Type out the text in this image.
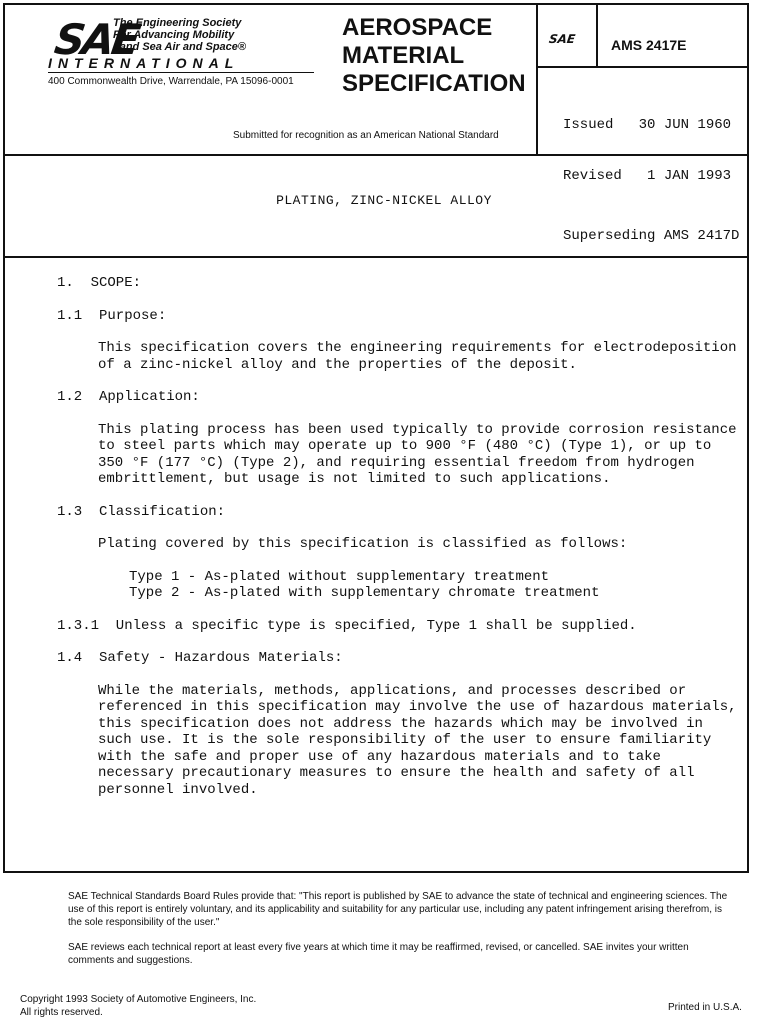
SAE
The Engineering Society
For Advancing Mobility
Land Sea Air and Space®
INTERNATIONAL
400 Commonwealth Drive, Warrendale, PA 15096-0001
AEROSPACE
MATERIAL
SPECIFICATION
Submitted for recognition as an American National Standard
SAE AMS 2417E

Issued   30 JUN 1960

Revised   1 JAN 1993

Superseding AMS 2417D

PLATING, ZINC-NICKEL ALLOY
1.  SCOPE:
1.1  Purpose:
This specification covers the engineering requirements for electrodeposition of a zinc-nickel alloy and the properties of the deposit.
1.2  Application:
This plating process has been used typically to provide corrosion resistance to steel parts which may operate up to 900 °F (480 °C) (Type 1), or up to 350 °F (177 °C) (Type 2), and requiring essential freedom from hydrogen embrittlement, but usage is not limited to such applications.
1.3  Classification:
Plating covered by this specification is classified as follows:
Type 1 - As-plated without supplementary treatment
Type 2 - As-plated with supplementary chromate treatment
1.3.1  Unless a specific type is specified, Type 1 shall be supplied.
1.4  Safety - Hazardous Materials:
While the materials, methods, applications, and processes described or referenced in this specification may involve the use of hazardous materials, this specification does not address the hazards which may be involved in such use. It is the sole responsibility of the user to ensure familiarity with the safe and proper use of any hazardous materials and to take necessary precautionary measures to ensure the health and safety of all personnel involved.
SAE Technical Standards Board Rules provide that: "This report is published by SAE to advance the state of technical and engineering sciences. The use of this report is entirely voluntary, and its applicability and suitability for any particular use, including any patent infringement arising therefrom, is the sole responsibility of the user."
SAE reviews each technical report at least every five years at which time it may be reaffirmed, revised, or cancelled. SAE invites your written comments and suggestions.
Copyright 1993 Society of Automotive Engineers, Inc.
All rights reserved.	Printed in U.S.A.
